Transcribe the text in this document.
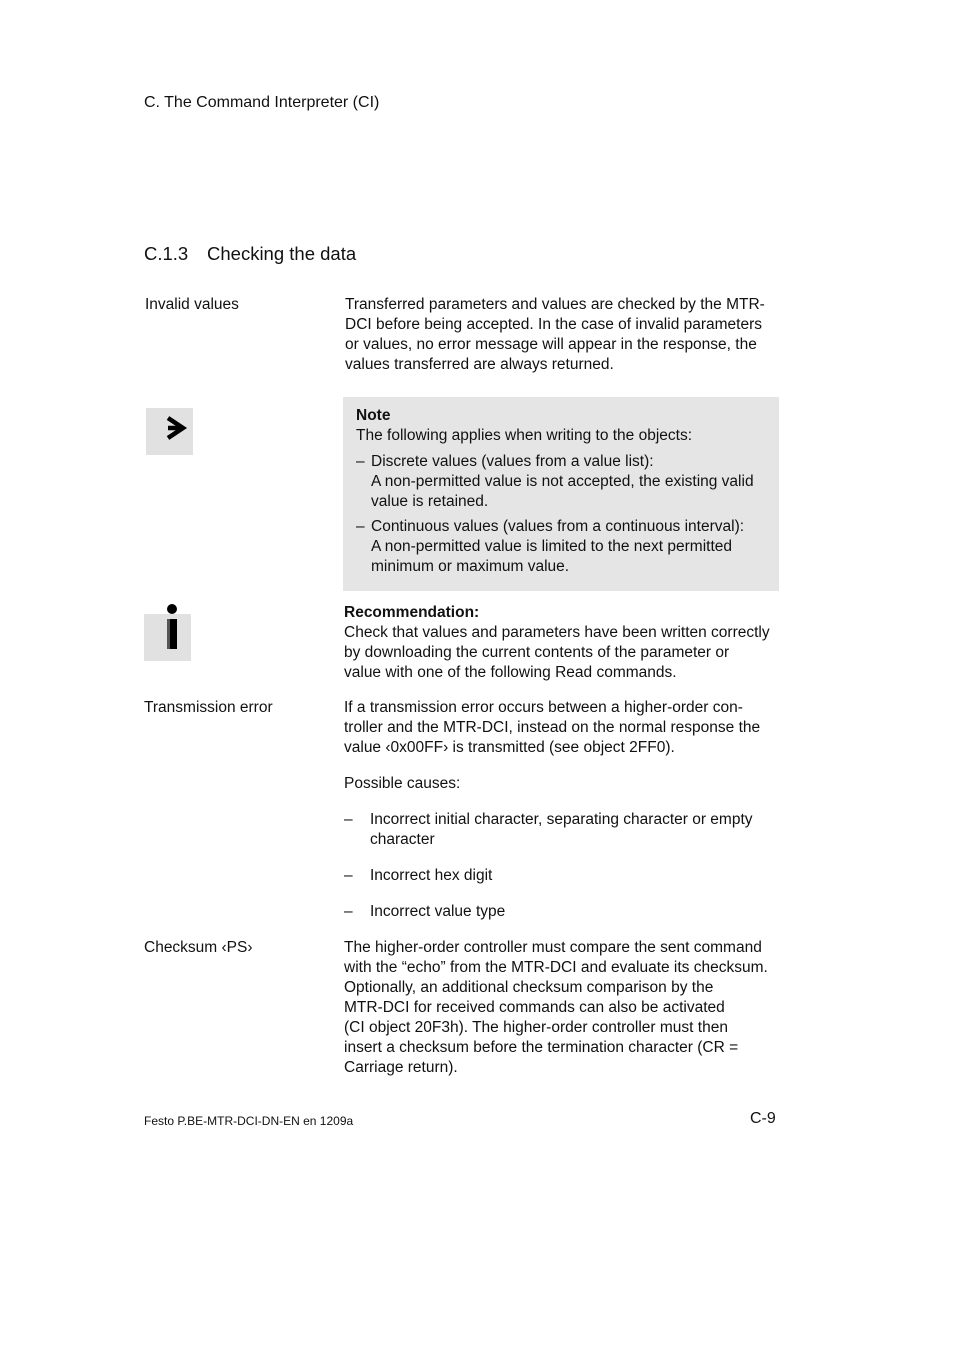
C. The Command Interpreter (CI)
C.1.3 Checking the data
Invalid values	Transferred parameters and values are checked by the MTR-

DCI before being accepted. In the case of invalid parameters

or values, no error message will appear in the response, the

values transferred are always returned.

Note

The following applies when writing to the objects:

– Discrete values (values from a value list):

A non-permitted value is not accepted, the existing valid

value is retained.

– Continuous values (values from a continuous interval):

A non-permitted value is limited to the next permitted

minimum or maximum value.

Recommendation:

Check that values and parameters have been written correctly

by downloading the current contents of the parameter or

value with one of the following Read commands.

Transmission error	If a transmission error occurs between a higher-order con-

troller and the MTR-DCI, instead on the normal response the

value ‹0x00FF› is transmitted (see object 2FF0).

Possible causes:

– Incorrect initial character, separating character or empty

character

– Incorrect hex digit

– Incorrect value type

Checksum ‹PS›	The higher-order controller must compare the sent command

with the “echo” from the MTR-DCI and evaluate its checksum.

Optionally, an additional checksum comparison by the

MTR-DCI for received commands can also be activated

(CI object 20F3h). The higher-order controller must then

insert a checksum before the termination character (CR =

Carriage return).

Festo P.BE-MTR-DCI-DN-EN en 1209a	C-9
